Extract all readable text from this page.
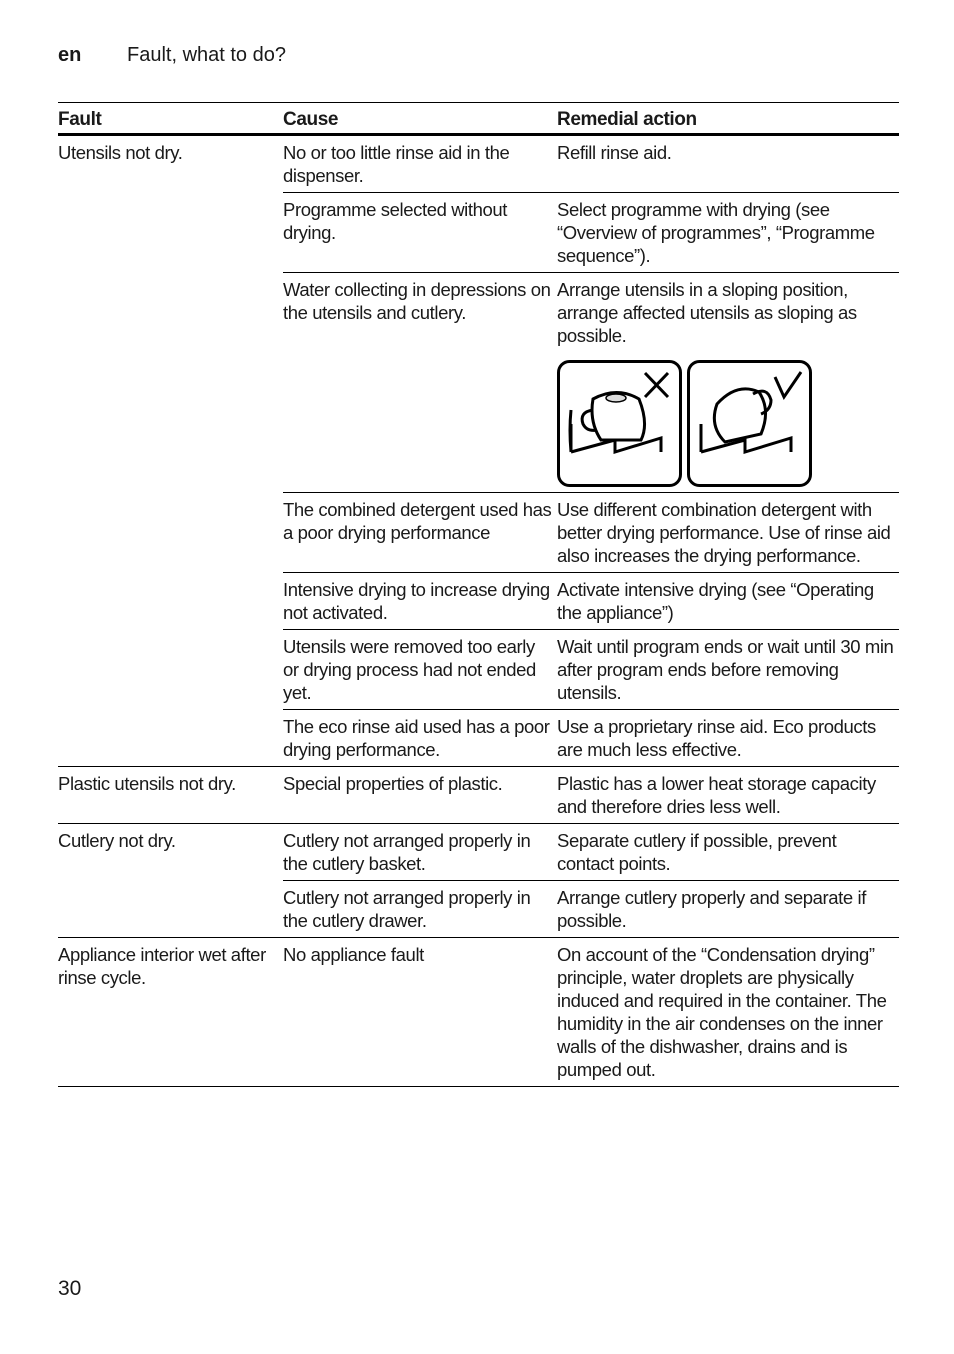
en Fault, what to do?
Fault	Cause	Remedial action
Utensils not dry.	No or too little rinse aid in the dispenser.	Refill rinse aid.
	Programme selected without drying.	Select programme with drying (see “Overview of programmes”, “Programme sequence”).
	Water collecting in depressions on the utensils and cutlery.	Arrange utensils in a sloping position, arrange affected utensils as sloping as possible.

	The combined detergent used has a poor drying performance	Use different combination detergent with better drying performance. Use of rinse aid also increases the drying performance.
	Intensive drying to increase drying not activated.	Activate intensive drying (see “Operating the appliance”)
	Utensils were removed too early or drying process had not ended yet.	Wait until program ends or wait until 30 min after program ends before removing utensils.
	The eco rinse aid used has a poor drying performance.	Use a proprietary rinse aid. Eco products are much less effective.
Plastic utensils not dry.	Special properties of plastic.	Plastic has a lower heat storage capacity and therefore dries less well.
Cutlery not dry.	Cutlery not arranged properly in the cutlery basket.	Separate cutlery if possible, prevent contact points.
	Cutlery not arranged properly in the cutlery drawer.	Arrange cutlery properly and separate if possible.
Appliance interior wet after rinse cycle.	No appliance fault	On account of the “Condensation drying” principle, water droplets are physically induced and required in the container. The humidity in the air condenses on the inner walls of the dishwasher, drains and is pumped out.
30
